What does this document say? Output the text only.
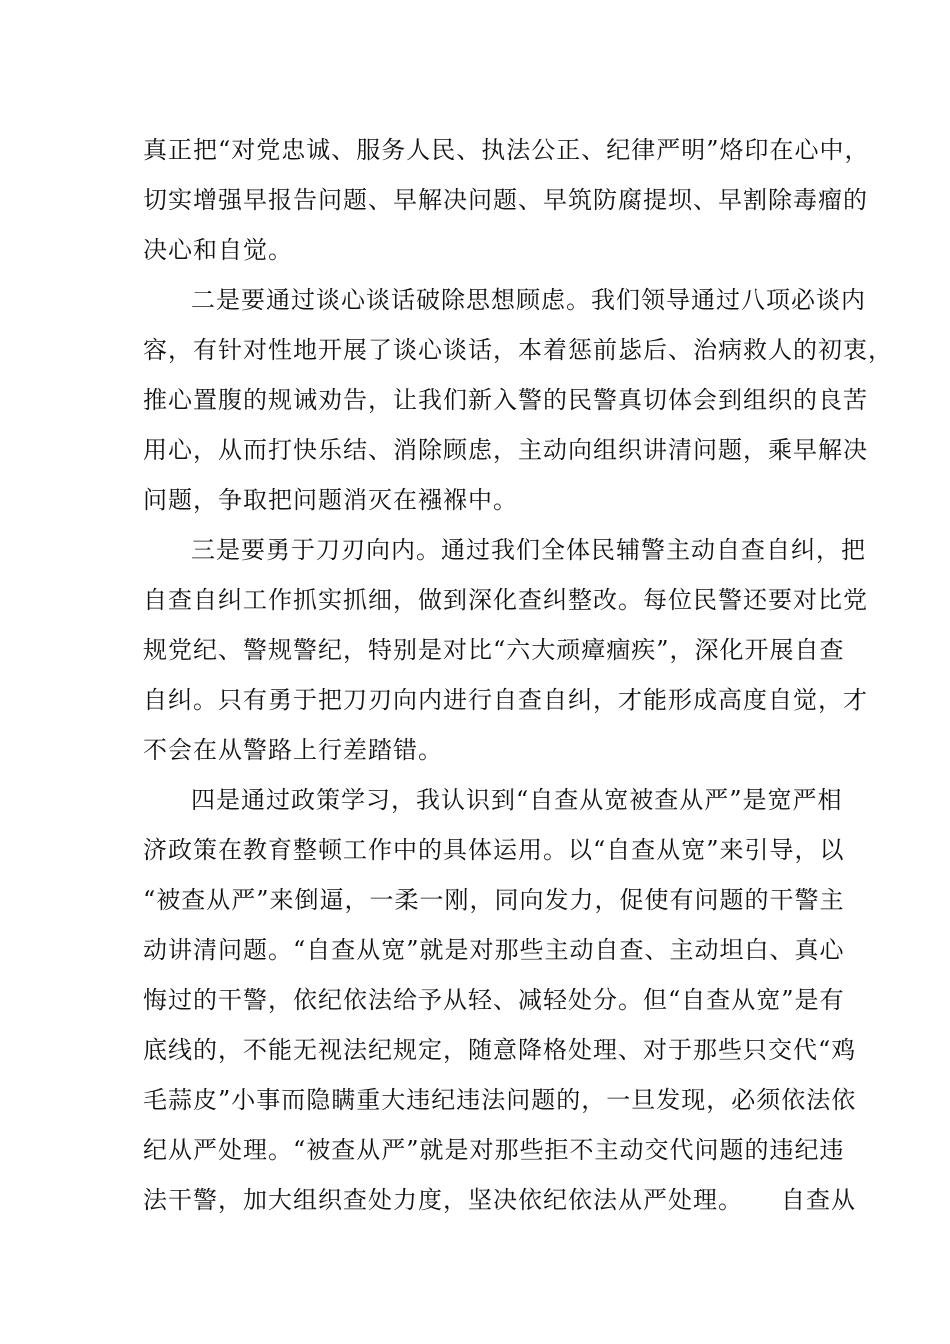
真正把“对党忠诚、服务人民、执法公正、纪律严明”烙印在心中，
切实增强早报告问题、早解决问题、早筑防腐提坝、早割除毒瘤的
决心和自觉。
二是要通过谈心谈话破除思想顾虑。我们领导通过八项必谈内
容，有针对性地开展了谈心谈话，本着惩前毖后、治病救人的初衷，
推心置腹的规诫劝告，让我们新入警的民警真切体会到组织的良苦
用心，从而打快乐结、消除顾虑，主动向组织讲清问题，乘早解决
问题，争取把问题消灭在襁褓中。
三是要勇于刀刃向内。通过我们全体民辅警主动自查自纠，把
自查自纠工作抓实抓细，做到深化查纠整改。每位民警还要对比党
规党纪、警规警纪，特别是对比“六大顽瘴痼疾”，深化开展自查
自纠。只有勇于把刀刃向内进行自查自纠，才能形成高度自觉，才
不会在从警路上行差踏错。
四是通过政策学习，我认识到“自查从宽被查从严”是宽严相
济政策在教育整顿工作中的具体运用。以“自查从宽”来引导，以
“被查从严”来倒逼，一柔一刚，同向发力，促使有问题的干警主
动讲清问题。“自查从宽”就是对那些主动自查、主动坦白、真心
悔过的干警，依纪依法给予从轻、减轻处分。但“自查从宽”是有
底线的，不能无视法纪规定，随意降格处理、对于那些只交代“鸡
毛蒜皮”小事而隐瞒重大违纪违法问题的，一旦发现，必须依法依
纪从严处理。“被查从严”就是对那些拒不主动交代问题的违纪违
法干警，加大组织查处力度，坚决依纪依法从严处理。　　自查从
